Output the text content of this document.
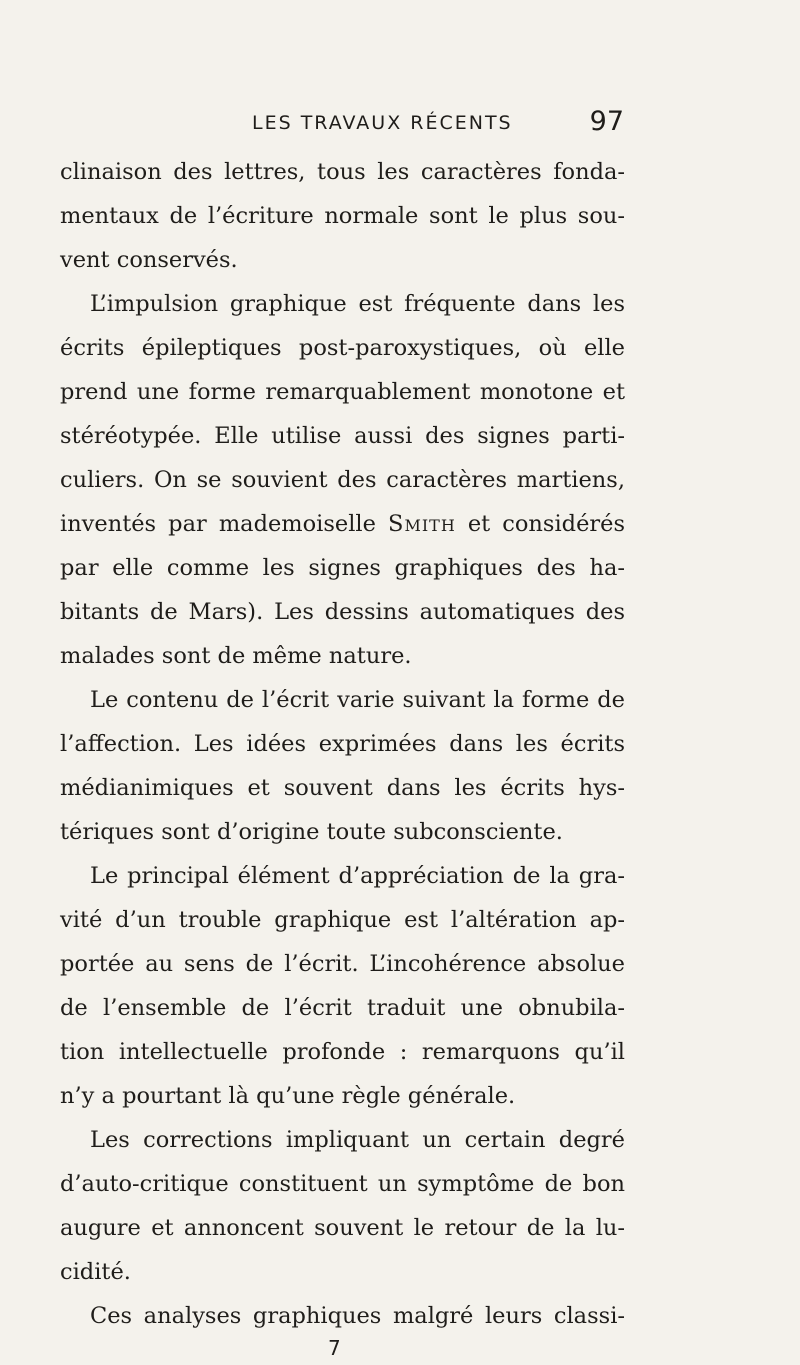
LES TRAVAUX RÉCENTS	97
clinaison des lettres, tous les caractères fonda-
mentaux de l’écriture normale sont le plus sou-
vent conservés.
L’impulsion graphique est fréquente dans les
écrits épileptiques post-paroxystiques, où elle
prend une forme remarquablement monotone et
stéréotypée. Elle utilise aussi des signes parti-
culiers. On se souvient des caractères martiens,
inventés par mademoiselle Smith et considérés
par elle comme les signes graphiques des ha-
bitants de Mars). Les dessins automatiques des
malades sont de même nature.
Le contenu de l’écrit varie suivant la forme de
l’affection. Les idées exprimées dans les écrits
médianimiques et souvent dans les écrits hys-
tériques sont d’origine toute subconsciente.
Le principal élément d’appréciation de la gra-
vité d’un trouble graphique est l’altération ap-
portée au sens de l’écrit. L’incohérence absolue
de l’ensemble de l’écrit traduit une obnubila-
tion intellectuelle profonde : remarquons qu’il
n’y a pourtant là qu’une règle générale.
Les corrections impliquant un certain degré
d’auto-critique constituent un symptôme de bon
augure et annoncent souvent le retour de la lu-
cidité.
Ces analyses graphiques malgré leurs classi-
7
